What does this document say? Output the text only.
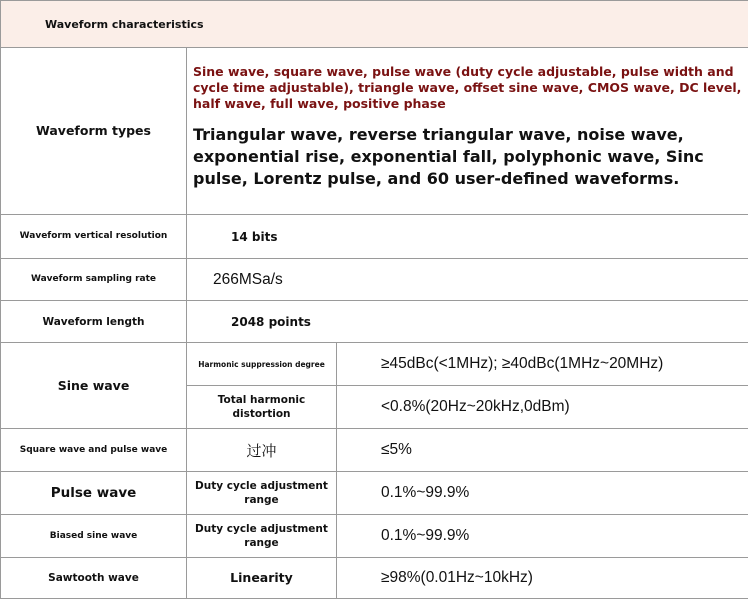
Waveform characteristics		
Waveform types	Sine wave, square wave, pulse wave (duty cycle adjustable, pulse width and cycle time adjustable), triangle wave, offset sine wave, CMOS wave, DC level, half wave, full wave, positive phase
Triangular wave, reverse triangular wave, noise wave, exponential rise, exponential fall, polyphonic wave, Sinc pulse, Lorentz pulse, and 60 user-defined waveforms.	

Waveform vertical resolution	14 bits	
Waveform sampling rate	266MSa/s	
Waveform length	2048 points	
Sine wave	Harmonic suppression degree	≥45dBc(<1MHz); ≥40dBc(1MHz~20MHz)
	Total harmonic distortion	<0.8%(20Hz~20kHz,0dBm)
Square wave and pulse wave	过冲	≤5%
Pulse wave	Duty cycle adjustment range	0.1%~99.9%
Biased sine wave	Duty cycle adjustment range	0.1%~99.9%
Sawtooth wave	Linearity	≥98%(0.01Hz~10kHz)
